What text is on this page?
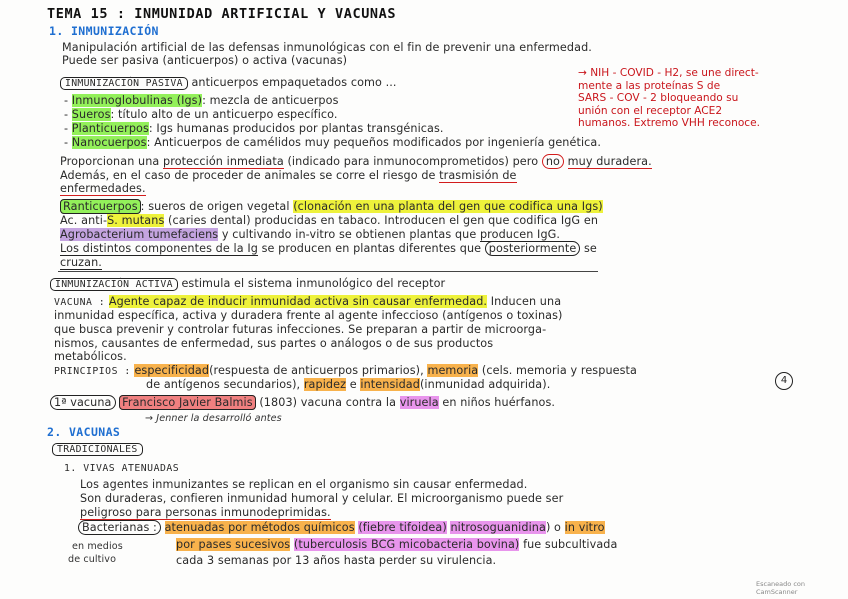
TEMA 15 : INMUNIDAD ARTIFICIAL Y VACUNAS
1. INMUNIZACIÓN
Manipulación artificial de las defensas inmunológicas con el fin de prevenir una enfermedad.
Puede ser pasiva (anticuerpos) o activa (vacunas)
INMUNIZACIÓN PASIVA anticuerpos empaquetados como ...
- Inmunoglobulinas (Igs): mezcla de anticuerpos
- Sueros: título alto de un anticuerpo específico.
- Planticuerpos: Igs humanas producidos por plantas transgénicas.
- Nanocuerpos: Anticuerpos de camélidos muy pequeños modificados por ingeniería genética.
→ NIH - COVID - H2, se une direct-
mente a las proteínas S de
SARS - COV - 2 bloqueando su
unión con el receptor ACE2
humanos. Extremo VHH reconoce.
Proporcionan una protección inmediata (indicado para inmunocomprometidos) pero no muy duradera.
Además, en el caso de proceder de animales se corre el riesgo de trasmisión de
enfermedades.
Ranticuerpos : sueros de origen vegetal (clonación en una planta del gen que codifica una Igs)
Ac. anti-S. mutans (caries dental) producidas en tabaco. Introducen el gen que codifica IgG en
Agrobacterium tumefaciens y cultivando in-vitro se obtienen plantas que producen IgG.
Los distintos componentes de la Ig se producen en plantas diferentes que posteriormente se
cruzan.
INMUNIZACIÓN ACTIVA estimula el sistema inmunológico del receptor
VACUNA : Agente capaz de inducir inmunidad activa sin causar enfermedad. Inducen una
inmunidad específica, activa y duradera frente al agente infeccioso (antígenos o toxinas)
que busca prevenir y controlar futuras infecciones. Se preparan a partir de microorga-
nismos, causantes de enfermedad, sus partes o análogos o de sus productos
metabólicos.
PRINCIPIOS : especificidad(respuesta de anticuerpos primarios), memoria (cels. memoria y respuesta
de antígenos secundarios), rapidez e intensidad(inmunidad adquirida).	4
1ª vacuna Francisco Javier Balmis (1803) vacuna contra la viruela en niños huérfanos.
→ Jenner la desarrolló antes
2. VACUNAS
TRADICIONALES
1. VIVAS ATENUADAS
Los agentes inmunizantes se replican en el organismo sin causar enfermedad.
Son duraderas, confieren inmunidad humoral y celular. El microorganismo puede ser
peligroso para personas inmunodeprimidas.
Bacterianas : atenuadas por métodos químicos (fiebre tifoidea) nitrosoguanidina) o in vitro
en medios
de cultivo
por pases sucesivos (tuberculosis BCG micobacteria bovina) fue subcultivada
cada 3 semanas por 13 años hasta perder su virulencia.
Escaneado con CamScanner
